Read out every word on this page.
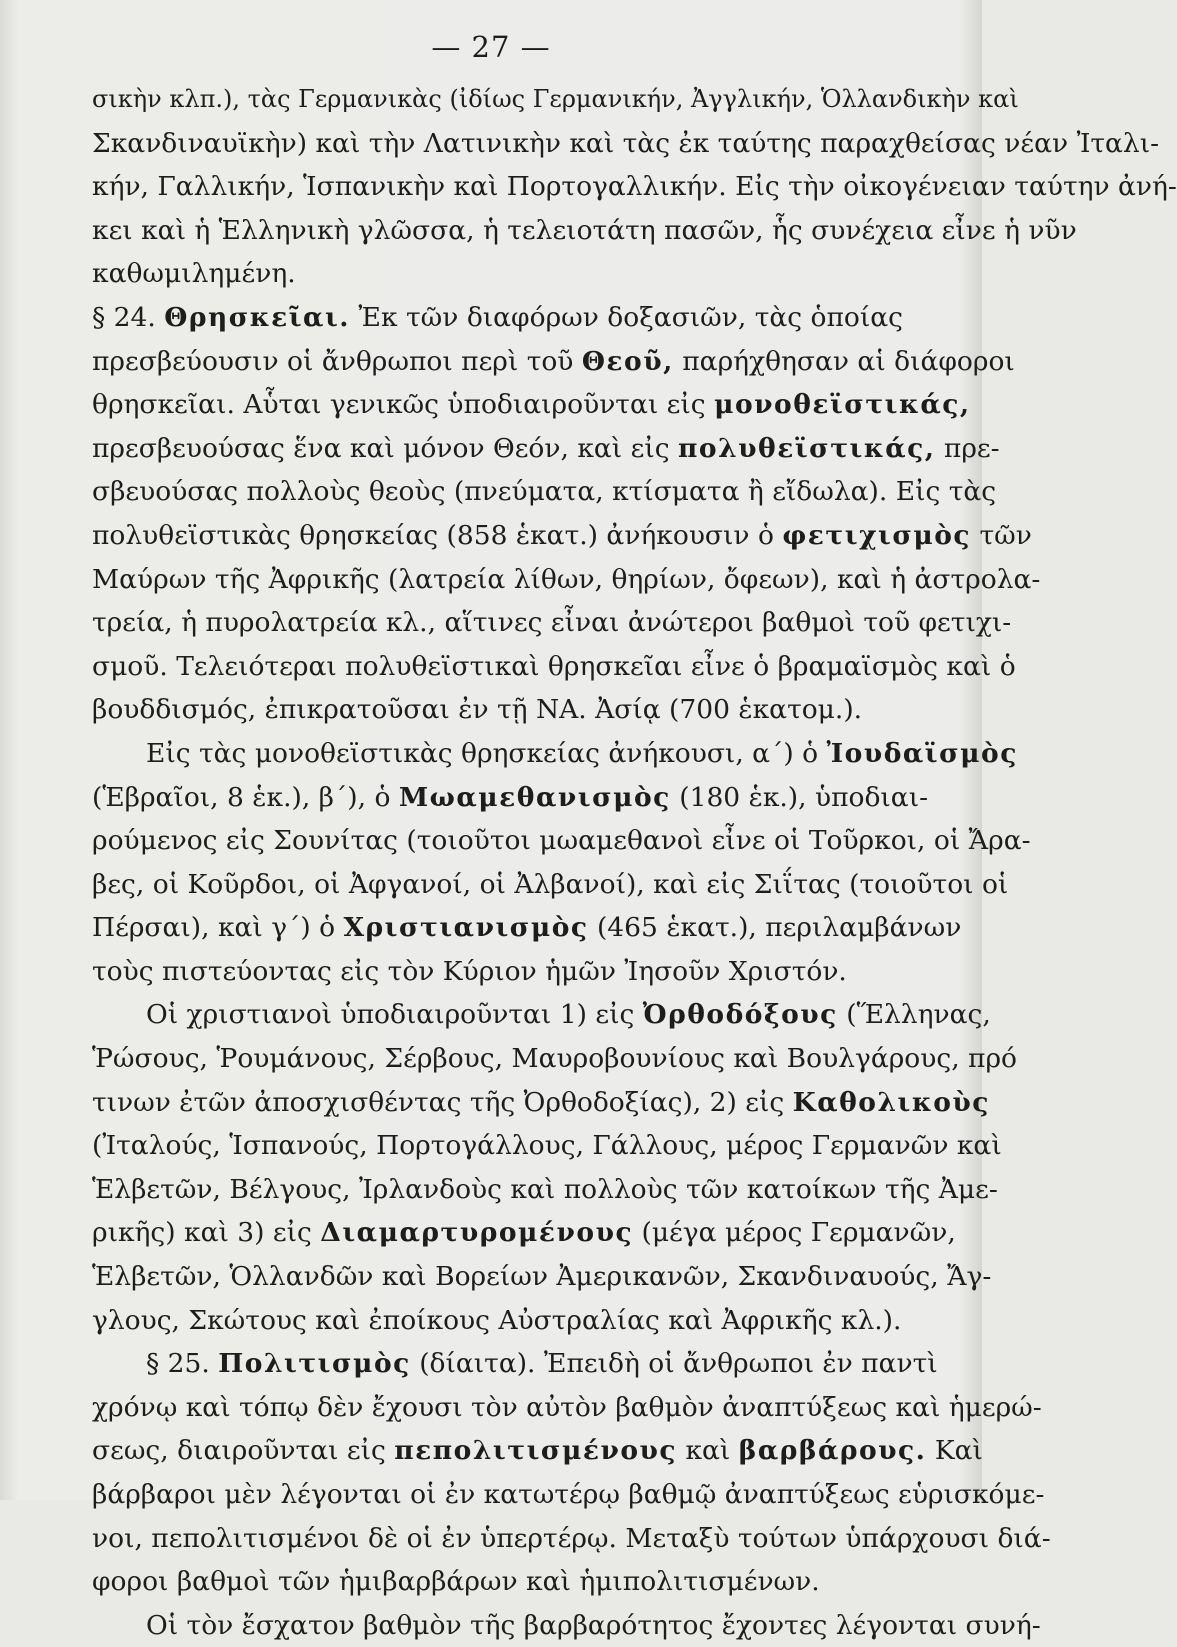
— 27 —
σικὴν κλπ.), τὰς Γερμανικὰς (ἰδίως Γερμανικήν, Ἀγγλικήν, Ὁλλανδικὴν καὶ
Σκανδιναυϊκὴν) καὶ τὴν Λατινικὴν καὶ τὰς ἐκ ταύτης παραχθείσας νέαν Ἰταλι-
κήν, Γαλλικήν, Ἱσπανικὴν καὶ Πορτογαλλικήν. Εἰς τὴν οἰκογένειαν ταύτην ἀνή-
κει καὶ ἡ Ἑλληνικὴ γλῶσσα, ἡ τελειοτάτη πασῶν, ἧς συνέχεια εἶνε ἡ νῦν
καθωμιλημένη.
§ 24. Θρησκεῖαι. Ἐκ τῶν διαφόρων δοξασιῶν, τὰς ὁποίας
πρεσβεύουσιν οἱ ἄνθρωποι περὶ τοῦ Θεοῦ, παρήχθησαν αἱ διάφοροι
θρησκεῖαι. Αὗται γενικῶς ὑποδιαιροῦνται εἰς μονοθεϊστικάς,
πρεσβευούσας ἕνα καὶ μόνον Θεόν, καὶ εἰς πολυθεϊστικάς, πρε-
σβευούσας πολλοὺς θεοὺς (πνεύματα, κτίσματα ἢ εἴδωλα). Εἰς τὰς
πολυθεϊστικὰς θρησκείας (858 ἑκατ.) ἀνήκουσιν ὁ φετιχισμὸς τῶν
Μαύρων τῆς Ἀφρικῆς (λατρεία λίθων, θηρίων, ὄφεων), καὶ ἡ ἀστρολα-
τρεία, ἡ πυρολατρεία κλ., αἵτινες εἶναι ἀνώτεροι βαθμοὶ τοῦ φετιχι-
σμοῦ. Τελειότεραι πολυθεϊστικαὶ θρησκεῖαι εἶνε ὁ βραμαϊσμὸς καὶ ὁ
βουδδισμός, ἐπικρατοῦσαι ἐν τῇ ΝΑ. Ἀσίᾳ (700 ἑκατομ.).
Εἰς τὰς μονοθεϊστικὰς θρησκείας ἀνήκουσι, α΄) ὁ Ἰουδαϊσμὸς
(Ἑβραῖοι, 8 ἑκ.), β΄), ὁ Μωαμεθανισμὸς (180 ἑκ.), ὑποδιαι-
ρούμενος εἰς Σουνίτας (τοιοῦτοι μωαμεθανοὶ εἶνε οἱ Τοῦρκοι, οἱ Ἄρα-
βες, οἱ Κοῦρδοι, οἱ Ἀφγανοί, οἱ Ἀλβανοί), καὶ εἰς Σιΐτας (τοιοῦτοι οἱ
Πέρσαι), καὶ γ΄) ὁ Χριστιανισμὸς (465 ἑκατ.), περιλαμβάνων
τοὺς πιστεύοντας εἰς τὸν Κύριον ἡμῶν Ἰησοῦν Χριστόν.
Οἱ χριστιανοὶ ὑποδιαιροῦνται 1) εἰς Ὀρθοδόξους (Ἕλληνας,
Ῥώσους, Ῥουμάνους, Σέρβους, Μαυροβουνίους καὶ Βουλγάρους, πρό
τινων ἐτῶν ἀποσχισθέντας τῆς Ὀρθοδοξίας), 2) εἰς Καθολικοὺς
(Ἰταλούς, Ἱσπανούς, Πορτογάλλους, Γάλλους, μέρος Γερμανῶν καὶ
Ἑλβετῶν, Βέλγους, Ἰρλανδοὺς καὶ πολλοὺς τῶν κατοίκων τῆς Ἀμε-
ρικῆς) καὶ 3) εἰς Διαμαρτυρομένους (μέγα μέρος Γερμανῶν,
Ἑλβετῶν, Ὁλλανδῶν καὶ Βορείων Ἀμερικανῶν, Σκανδιναυούς, Ἄγ-
γλους, Σκώτους καὶ ἐποίκους Αὐστραλίας καὶ Ἀφρικῆς κλ.).
§ 25. Πολιτισμὸς (δίαιτα). Ἐπειδὴ οἱ ἄνθρωποι ἐν παντὶ
χρόνῳ καὶ τόπῳ δὲν ἔχουσι τὸν αὐτὸν βαθμὸν ἀναπτύξεως καὶ ἡμερώ-
σεως, διαιροῦνται εἰς πεπολιτισμένους καὶ βαρβάρους. Καὶ
βάρβαροι μὲν λέγονται οἱ ἐν κατωτέρῳ βαθμῷ ἀναπτύξεως εὑρισκόμε-
νοι, πεπολιτισμένοι δὲ οἱ ἐν ὑπερτέρῳ. Μεταξὺ τούτων ὑπάρχουσι διά-
φοροι βαθμοὶ τῶν ἡμιβαρβάρων καὶ ἡμιπολιτισμένων.
Οἱ τὸν ἔσχατον βαθμὸν τῆς βαρβαρότητος ἔχοντες λέγονται συνή-
